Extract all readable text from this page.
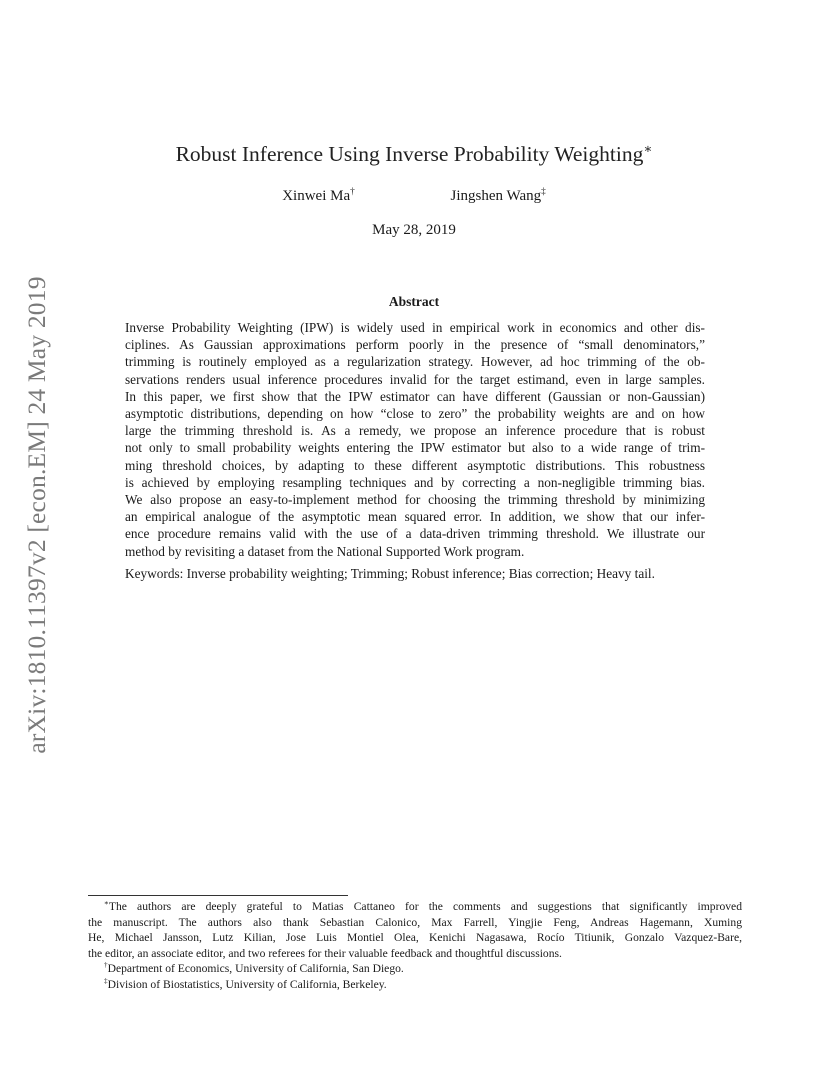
arXiv:1810.11397v2 [econ.EM] 24 May 2019
Robust Inference Using Inverse Probability Weighting∗
Xinwei Ma†	Jingshen Wang‡
May 28, 2019
Abstract
Inverse Probability Weighting (IPW) is widely used in empirical work in economics and other dis-
ciplines. As Gaussian approximations perform poorly in the presence of “small denominators,”
trimming is routinely employed as a regularization strategy. However, ad hoc trimming of the ob-
servations renders usual inference procedures invalid for the target estimand, even in large samples.
In this paper, we first show that the IPW estimator can have different (Gaussian or non-Gaussian)
asymptotic distributions, depending on how “close to zero” the probability weights are and on how
large the trimming threshold is. As a remedy, we propose an inference procedure that is robust
not only to small probability weights entering the IPW estimator but also to a wide range of trim-
ming threshold choices, by adapting to these different asymptotic distributions. This robustness
is achieved by employing resampling techniques and by correcting a non-negligible trimming bias.
We also propose an easy-to-implement method for choosing the trimming threshold by minimizing
an empirical analogue of the asymptotic mean squared error. In addition, we show that our infer-
ence procedure remains valid with the use of a data-driven trimming threshold. We illustrate our
method by revisiting a dataset from the National Supported Work program.
Keywords: Inverse probability weighting; Trimming; Robust inference; Bias correction; Heavy tail.
∗The authors are deeply grateful to Matias Cattaneo for the comments and suggestions that significantly improved
the manuscript. The authors also thank Sebastian Calonico, Max Farrell, Yingjie Feng, Andreas Hagemann, Xuming
He, Michael Jansson, Lutz Kilian, Jose Luis Montiel Olea, Kenichi Nagasawa, Rocío Titiunik, Gonzalo Vazquez-Bare,
the editor, an associate editor, and two referees for their valuable feedback and thoughtful discussions.
†Department of Economics, University of California, San Diego.
‡Division of Biostatistics, University of California, Berkeley.
